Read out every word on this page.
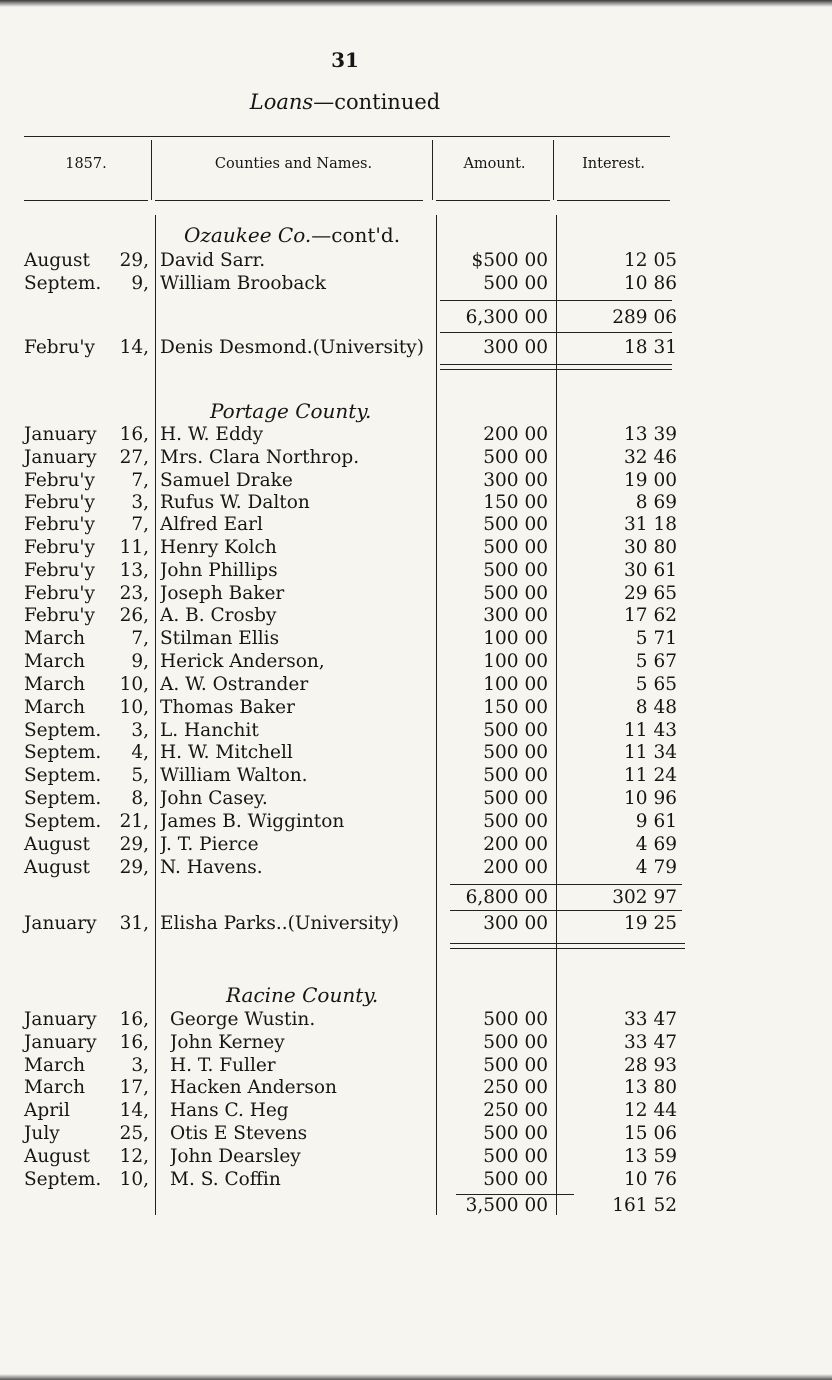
31
Loans—continued
1857.	Counties and Names.	Amount.	Interest.
Ozaukee Co.—cont'd.
August	29, David Sarr.	$500 00	12 05
Septem.	9, William Brooback	500 00	10 86
6,300 00	289 06
Febru'y	14, Denis Desmond.(University)	300 00	18 31
Portage County.
January	16, H. W. Eddy	200 00	13 39
January	27, Mrs. Clara Northrop.	500 00	32 46
Febru'y	7, Samuel Drake	300 00	19 00
Febru'y	3, Rufus W. Dalton	150 00	8 69
Febru'y	7, Alfred Earl	500 00	31 18
Febru'y	11, Henry Kolch	500 00	30 80
Febru'y	13, John Phillips	500 00	30 61
Febru'y	23, Joseph Baker	500 00	29 65
Febru'y	26, A. B. Crosby	300 00	17 62
March	7, Stilman Ellis	100 00	5 71
March	9, Herick Anderson,	100 00	5 67
March	10, A. W. Ostrander	100 00	5 65
March	10, Thomas Baker	150 00	8 48
Septem.	3, L. Hanchit	500 00	11 43
Septem.	4, H. W. Mitchell	500 00	11 34
Septem.	5, William Walton.	500 00	11 24
Septem.	8, John Casey.	500 00	10 96
Septem. 21, James B. Wigginton	500 00	9 61
August	29, J. T. Pierce	200 00	4 69
August	29, N. Havens.	200 00	4 79
6,800 00	302 97
January	31, Elisha Parks..(University)	300 00	19 25
Racine County.
January	16, George Wustin.	500 00	33 47
January	16, John Kerney	500 00	33 47
March	3, H. T. Fuller	500 00	28 93
March	17, Hacken Anderson	250 00	13 80
April	14, Hans C. Heg	250 00	12 44
July	25, Otis E Stevens	500 00	15 06
August	12, John Dearsley	500 00	13 59
Septem. 10, M. S. Coffin	500 00	10 76
3,500 00	161 52
